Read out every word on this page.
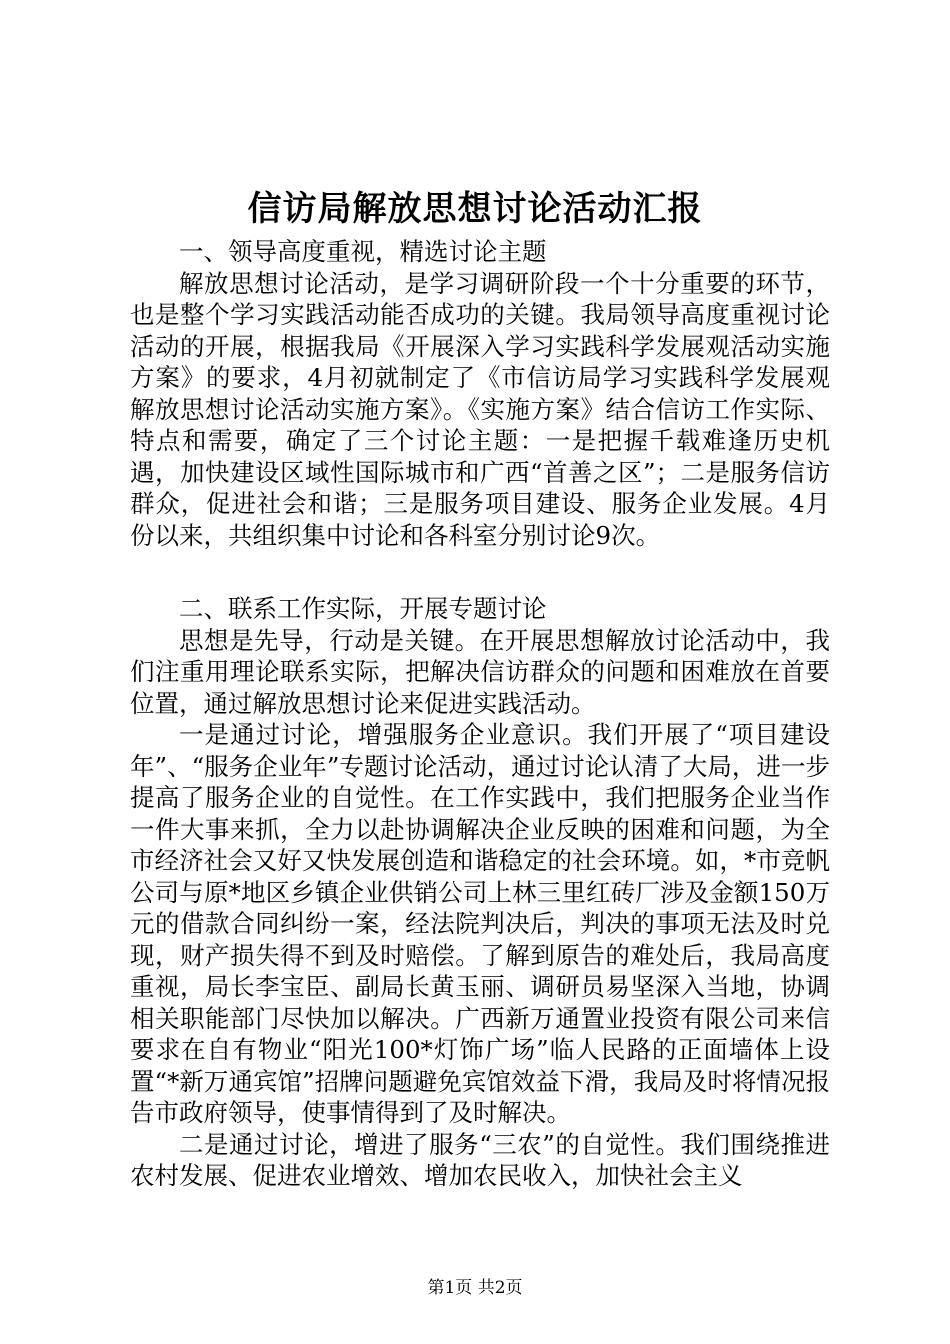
信访局解放思想讨论活动汇报

一、领导高度重视，精选讨论主题

解放思想讨论活动，是学习调研阶段一个十分重要的环节，也是整个学习实践活动能否成功的关键。我局领导高度重视讨论活动的开展，根据我局《开展深入学习实践科学发展观活动实施方案》的要求，4月初就制定了《市信访局学习实践科学发展观解放思想讨论活动实施方案》。《实施方案》结合信访工作实际、特点和需要，确定了三个讨论主题：一是把握千载难逢历史机遇，加快建设区域性国际城市和广西“首善之区”；二是服务信访群众，促进社会和谐；三是服务项目建设、服务企业发展。4月份以来，共组织集中讨论和各科室分别讨论9次。

二、联系工作实际，开展专题讨论

思想是先导，行动是关键。在开展思想解放讨论活动中，我们注重用理论联系实际，把解决信访群众的问题和困难放在首要位置，通过解放思想讨论来促进实践活动。

一是通过讨论，增强服务企业意识。我们开展了“项目建设年”、“服务企业年”专题讨论活动，通过讨论认清了大局，进一步提高了服务企业的自觉性。在工作实践中，我们把服务企业当作一件大事来抓，全力以赴协调解决企业反映的困难和问题，为全市经济社会又好又快发展创造和谐稳定的社会环境。如，*市竞帆公司与原*地区乡镇企业供销公司上林三里红砖厂涉及金额150万元的借款合同纠纷一案，经法院判决后，判决的事项无法及时兑现，财产损失得不到及时赔偿。了解到原告的难处后，我局高度重视，局长李宝臣、副局长黄玉丽、调研员易坚深入当地，协调相关职能部门尽快加以解决。广西新万通置业投资有限公司来信要求在自有物业“阳光100*灯饰广场”临人民路的正面墙体上设置“*新万通宾馆”招牌问题避免宾馆效益下滑，我局及时将情况报告市政府领导，使事情得到了及时解决。

二是通过讨论，增进了服务“三农”的自觉性。我们围绕推进农村发展、促进农业增效、增加农民收入，加快社会主义

第1页 共2页
